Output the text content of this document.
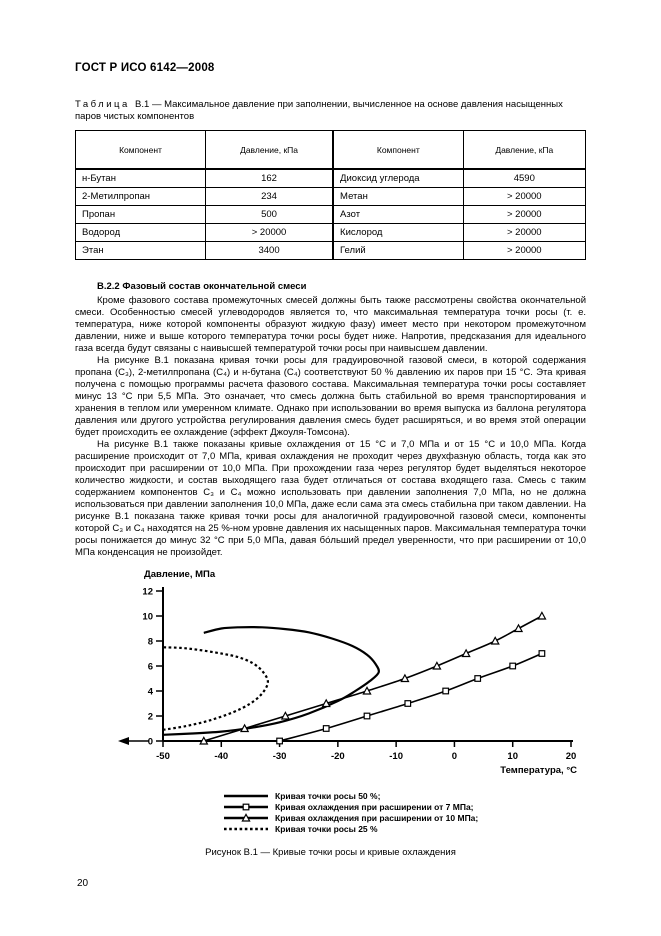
ГОСТ Р ИСО 6142—2008
Таблица В.1 — Максимальное давление при заполнении, вычисленное на основе давления насыщенных паров чистых компонентов
Компонент	Давление, кПа	Компонент	Давление, кПа
н-Бутан	162	Диоксид углерода	4590
2-Метилпропан	234	Метан	> 20000
Пропан	500	Азот	> 20000
Водород	> 20000	Кислород	> 20000
Этан	3400	Гелий	> 20000
В.2.2 Фазовый состав окончательной смеси

Кроме фазового состава промежуточных смесей должны быть также рассмотрены свойства окончательной смеси. Особенностью смесей углеводородов является то, что максимальная температура точки росы (т. е. температура, ниже которой компоненты образуют жидкую фазу) имеет место при некотором промежуточном давлении, ниже и выше которого температура точки росы будет ниже. Напротив, предсказания для идеального газа всегда будут связаны с наивысшей температурой точки росы при наивысшем давлении.

На рисунке В.1 показана кривая точки росы для градуировочной газовой смеси, в которой содержания пропана (С₃), 2-метилпропана (С₄) и н-бутана (С₄) соответствуют 50 % давлению их паров при 15 °С. Эта кривая получена с помощью программы расчета фазового состава. Максимальная температура точки росы составляет минус 13 °С при 5,5 МПа. Это означает, что смесь должна быть стабильной во время транспортирования и хранения в теплом или умеренном климате. Однако при использовании во время выпуска из баллона регулятора давления или другого устройства регулирования давления смесь будет расширяться, и во время этой операции будет происходить ее охлаждение (эффект Джоуля-Томсона).

На рисунке В.1 также показаны кривые охлаждения от 15 °С и 7,0 МПа и от 15 °С и 10,0 МПа. Когда расширение происходит от 7,0 МПа, кривая охлаждения не проходит через двухфазную область, тогда как это происходит при расширении от 10,0 МПа. При прохождении газа через регулятор будет выделяться некоторое количество жидкости, и состав выходящего газа будет отличаться от состава входящего газа. Смесь с таким содержанием компонентов С₃ и С₄ можно использовать при давлении заполнения 7,0 МПа, но не должна использоваться при давлении заполнения 10,0 МПа, даже если сама эта смесь стабильна при таком давлении. На рисунке В.1 показана также кривая точки росы для аналогичной градуировочной газовой смеси, компоненты которой С₃ и С₄ находятся на 25 %-ном уровне давления их насыщенных паров. Максимальная температура точки росы понижается до минус 32 °С при 5,0 МПа, давая бо́льший предел уверенности, что при расширении от 10,0 МПа конденсация не произойдет.

0
2
4
6
8
10
12
-50	-40	-30	-20	-10	0	10	20
Давление, МПа
Температура, °С
Кривая точки росы 50 %;
Кривая охлаждения при расширении от 7 МПа;
Кривая охлаждения при расширении от 10 МПа;
Кривая точки росы 25 %
Рисунок В.1 — Кривые точки росы и кривые охлаждения
20
